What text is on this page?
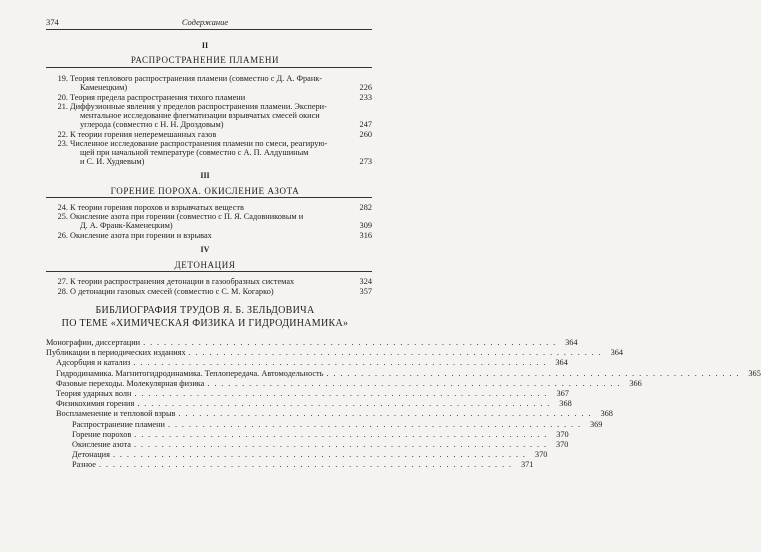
374	Содержание
II
РАСПРОСТРАНЕНИЕ ПЛАМЕНИ
19. Теория теплового распространения пламени (совместно с Д. А. Франк-
Каменецким)	226
20. Теория предела распространения тихого пламени	233
21. Диффузионные явления у пределов распространения пламени. Экспери-
ментальное исследование флегматизации взрывчатых смесей окиси
углерода (совместно с Н. Н. Дроздовым)	247
22. К теории горения неперемешанных газов	260
23. Численное исследование распространения пламени по смеси, реагирую-
щей при начальной температуре (совместно с А. П. Алдушиным
и С. И. Худяевым)	273
III
ГОРЕНИЕ ПОРОХА. ОКИСЛЕНИЕ АЗОТА
24. К теории горения порохов и взрывчатых веществ	282
25. Окисление азота при горении (совместно с П. Я. Садовниковым и
Д. А. Франк-Каменецким)	309
26. Окисление азота при горении и взрывах	316
IV
ДЕТОНАЦИЯ
27. К теории распространения детонации в газообразных системах	324
28. О детонации газовых смесей (совместно с С. М. Когарко)	357
БИБЛИОГРАФИЯ ТРУДОВ Я. Б. ЗЕЛЬДОВИЧА
ПО ТЕМЕ «ХИМИЧЕСКАЯ ФИЗИКА И ГИДРОДИНАМИКА»
Монографии, диссертации . . . . . . . . . . . . . . . . . . . . . . . . . . . . . . . . . . . . . . . . . . . . . . . . . . . . . . . . . . . .	364
Публикации в периодических изданиях . . . . . . . . . . . . . . . . . . . . . . . . . . . . . . . . . . . . . . . . . . . . . . . . . . . . . . . . . . . .	364
Адсорбция и катализ . . . . . . . . . . . . . . . . . . . . . . . . . . . . . . . . . . . . . . . . . . . . . . . . . . . . . . . . . . . .	364
Гидродинамика. Магнитогидродинамика. Теплопередача. Автомодельность . . . . . . . . . . . . . . . . . . . . . . . . . . . . . . . . . . . . . . . . . . . . . . . . . . . . . . . . . . . .	365
Фазовые переходы. Молекулярная физика . . . . . . . . . . . . . . . . . . . . . . . . . . . . . . . . . . . . . . . . . . . . . . . . . . . . . . . . . . . .	366
Теория ударных волн . . . . . . . . . . . . . . . . . . . . . . . . . . . . . . . . . . . . . . . . . . . . . . . . . . . . . . . . . . . .	367
Физикохимия горения . . . . . . . . . . . . . . . . . . . . . . . . . . . . . . . . . . . . . . . . . . . . . . . . . . . . . . . . . . . .	368
Воспламенение и тепловой взрыв . . . . . . . . . . . . . . . . . . . . . . . . . . . . . . . . . . . . . . . . . . . . . . . . . . . . . . . . . . . .	368
Распространение пламени . . . . . . . . . . . . . . . . . . . . . . . . . . . . . . . . . . . . . . . . . . . . . . . . . . . . . . . . . . . .	369
Горение порохов . . . . . . . . . . . . . . . . . . . . . . . . . . . . . . . . . . . . . . . . . . . . . . . . . . . . . . . . . . . .	370
Окисление азота . . . . . . . . . . . . . . . . . . . . . . . . . . . . . . . . . . . . . . . . . . . . . . . . . . . . . . . . . . . .	370
Детонация . . . . . . . . . . . . . . . . . . . . . . . . . . . . . . . . . . . . . . . . . . . . . . . . . . . . . . . . . . . .	370
Разное . . . . . . . . . . . . . . . . . . . . . . . . . . . . . . . . . . . . . . . . . . . . . . . . . . . . . . . . . . . .	371
